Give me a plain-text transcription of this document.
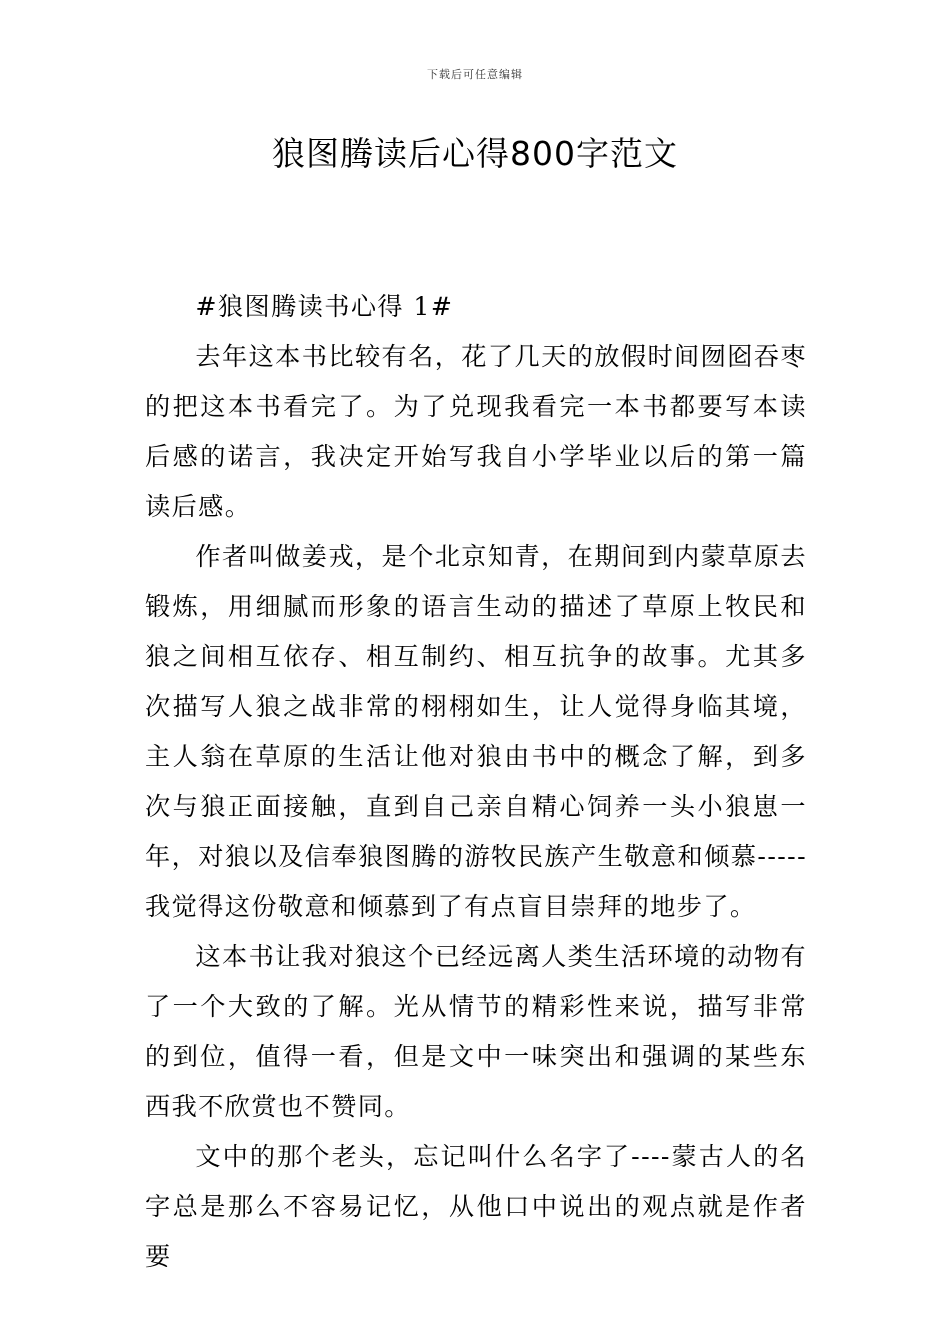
下载后可任意编辑
狼图腾读后心得800字范文

#狼图腾读书心得 1#

去年这本书比较有名，花了几天的放假时间囫囵吞枣的把这本书看完了。为了兑现我看完一本书都要写本读后感的诺言，我决定开始写我自小学毕业以后的第一篇读后感。

作者叫做姜戎，是个北京知青，在期间到内蒙草原去锻炼，用细腻而形象的语言生动的描述了草原上牧民和狼之间相互依存、相互制约、相互抗争的故事。尤其多次描写人狼之战非常的栩栩如生，让人觉得身临其境，主人翁在草原的生活让他对狼由书中的概念了解，到多次与狼正面接触，直到自己亲自精心饲养一头小狼崽一年，对狼以及信奉狼图腾的游牧民族产生敬意和倾慕-----我觉得这份敬意和倾慕到了有点盲目崇拜的地步了。

这本书让我对狼这个已经远离人类生活环境的动物有了一个大致的了解。光从情节的精彩性来说，描写非常的到位，值得一看，但是文中一味突出和强调的某些东西我不欣赏也不赞同。

文中的那个老头，忘记叫什么名字了----蒙古人的名字总是那么不容易记忆，从他口中说出的观点就是作者要
